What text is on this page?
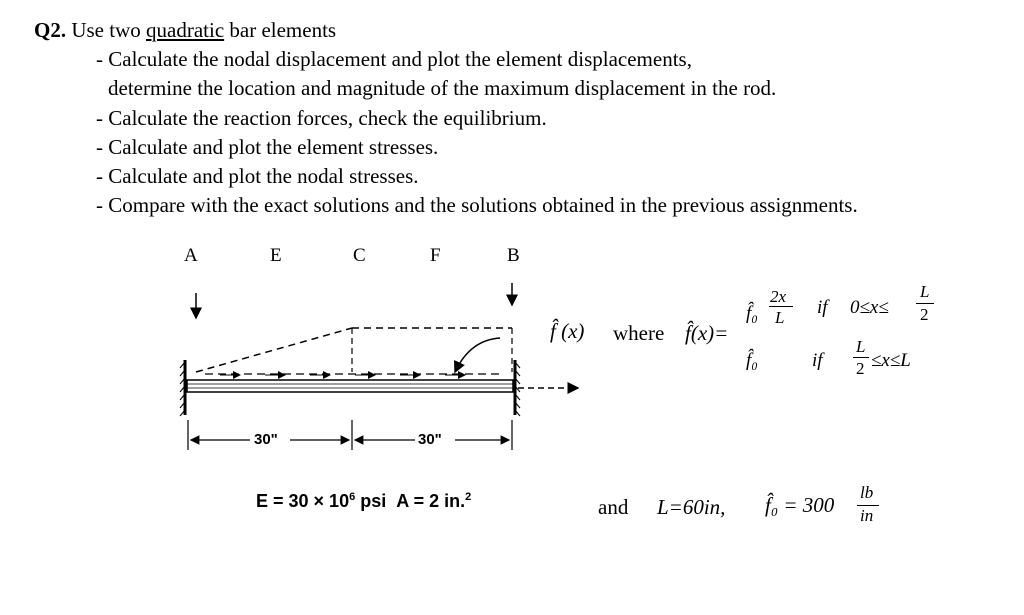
Q2. Use two quadratic bar elements
- Calculate the nodal displacement and plot the element displacements,
determine the location and magnitude of the maximum displacement in the rod.
- Calculate the reaction forces, check the equilibrium.
- Calculate and plot the element stresses.
- Calculate and plot the nodal stresses.
- Compare with the exact solutions and the solutions obtained in the previous assignments.
A	E	C	F	B
30"	30"
$E = 30 \times 10^6$ psi A = 2 in.$^2$
f̂ (x) where f̂(x)=
f̂₀
2x
L if 0≤x≤
L
2
f̂₀	if
L
2 ≤x≤L
and L=60in, f̂₀ = 300
lb
in
